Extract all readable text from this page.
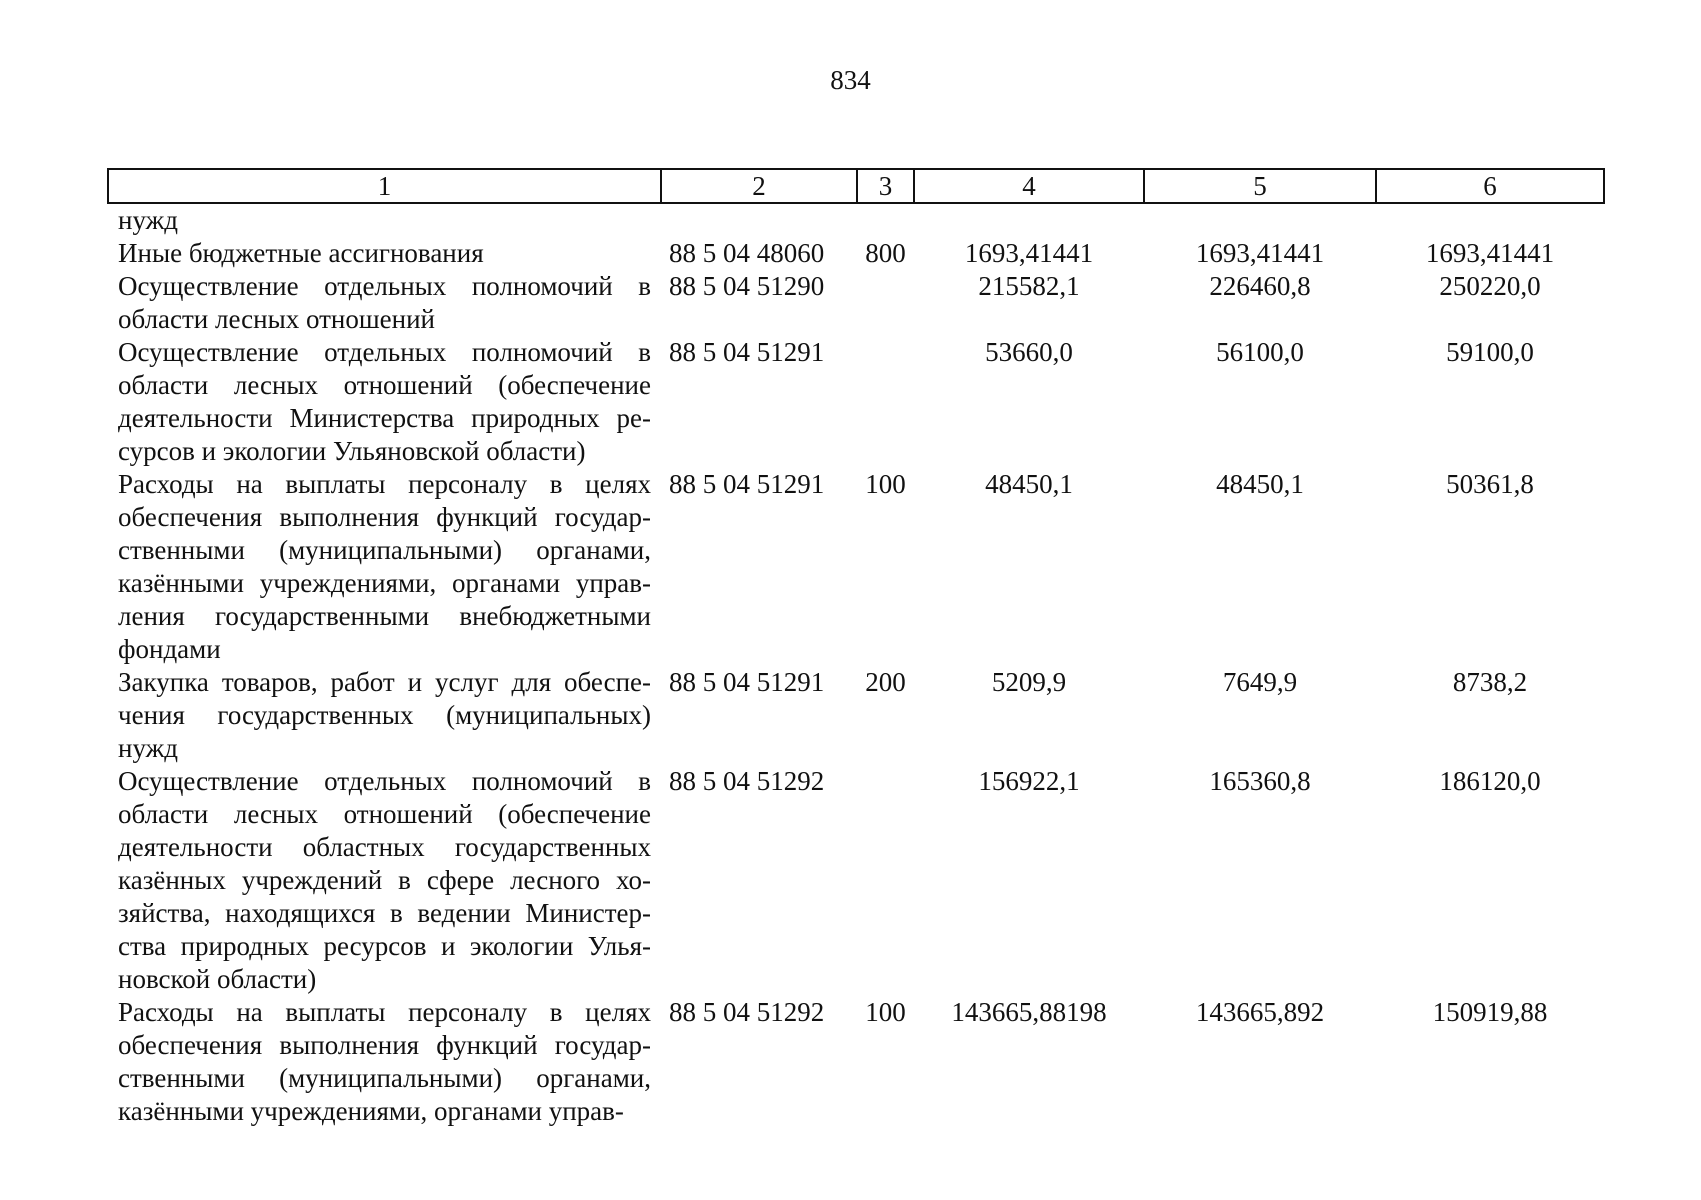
834
1	2	3	4	5	6
нужд					
Иные бюджетные ассигнования	88 5 04 48060	800	1693,41441	1693,41441	1693,41441
Осуществление отдельных полномочий в области лесных отношений	88 5 04 51290		215582,1	226460,8	250220,0
Осуществление отдельных полномочий в области лесных отношений (обеспечение деятельности Министерства природных ресурсов и экологии Ульяновской области)	88 5 04 51291		53660,0	56100,0	59100,0
Расходы на выплаты персоналу в целях обеспечения выполнения функций государственными (муниципальными) органами, казёнными учреждениями, органами управления государственными внебюджетными фондами	88 5 04 51291	100	48450,1	48450,1	50361,8
Закупка товаров, работ и услуг для обеспечения государственных (муниципальных) нужд	88 5 04 51291	200	5209,9	7649,9	8738,2
Осуществление отдельных полномочий в области лесных отношений (обеспечение деятельности областных государственных казённых учреждений в сфере лесного хозяйства, находящихся в ведении Министерства природных ресурсов и экологии Ульяновской области)	88 5 04 51292		156922,1	165360,8	186120,0
Расходы на выплаты персоналу в целях обеспечения выполнения функций государственными (муниципальными) органами, казёнными учреждениями, органами управ-	88 5 04 51292	100	143665,88198	143665,892	150919,88
